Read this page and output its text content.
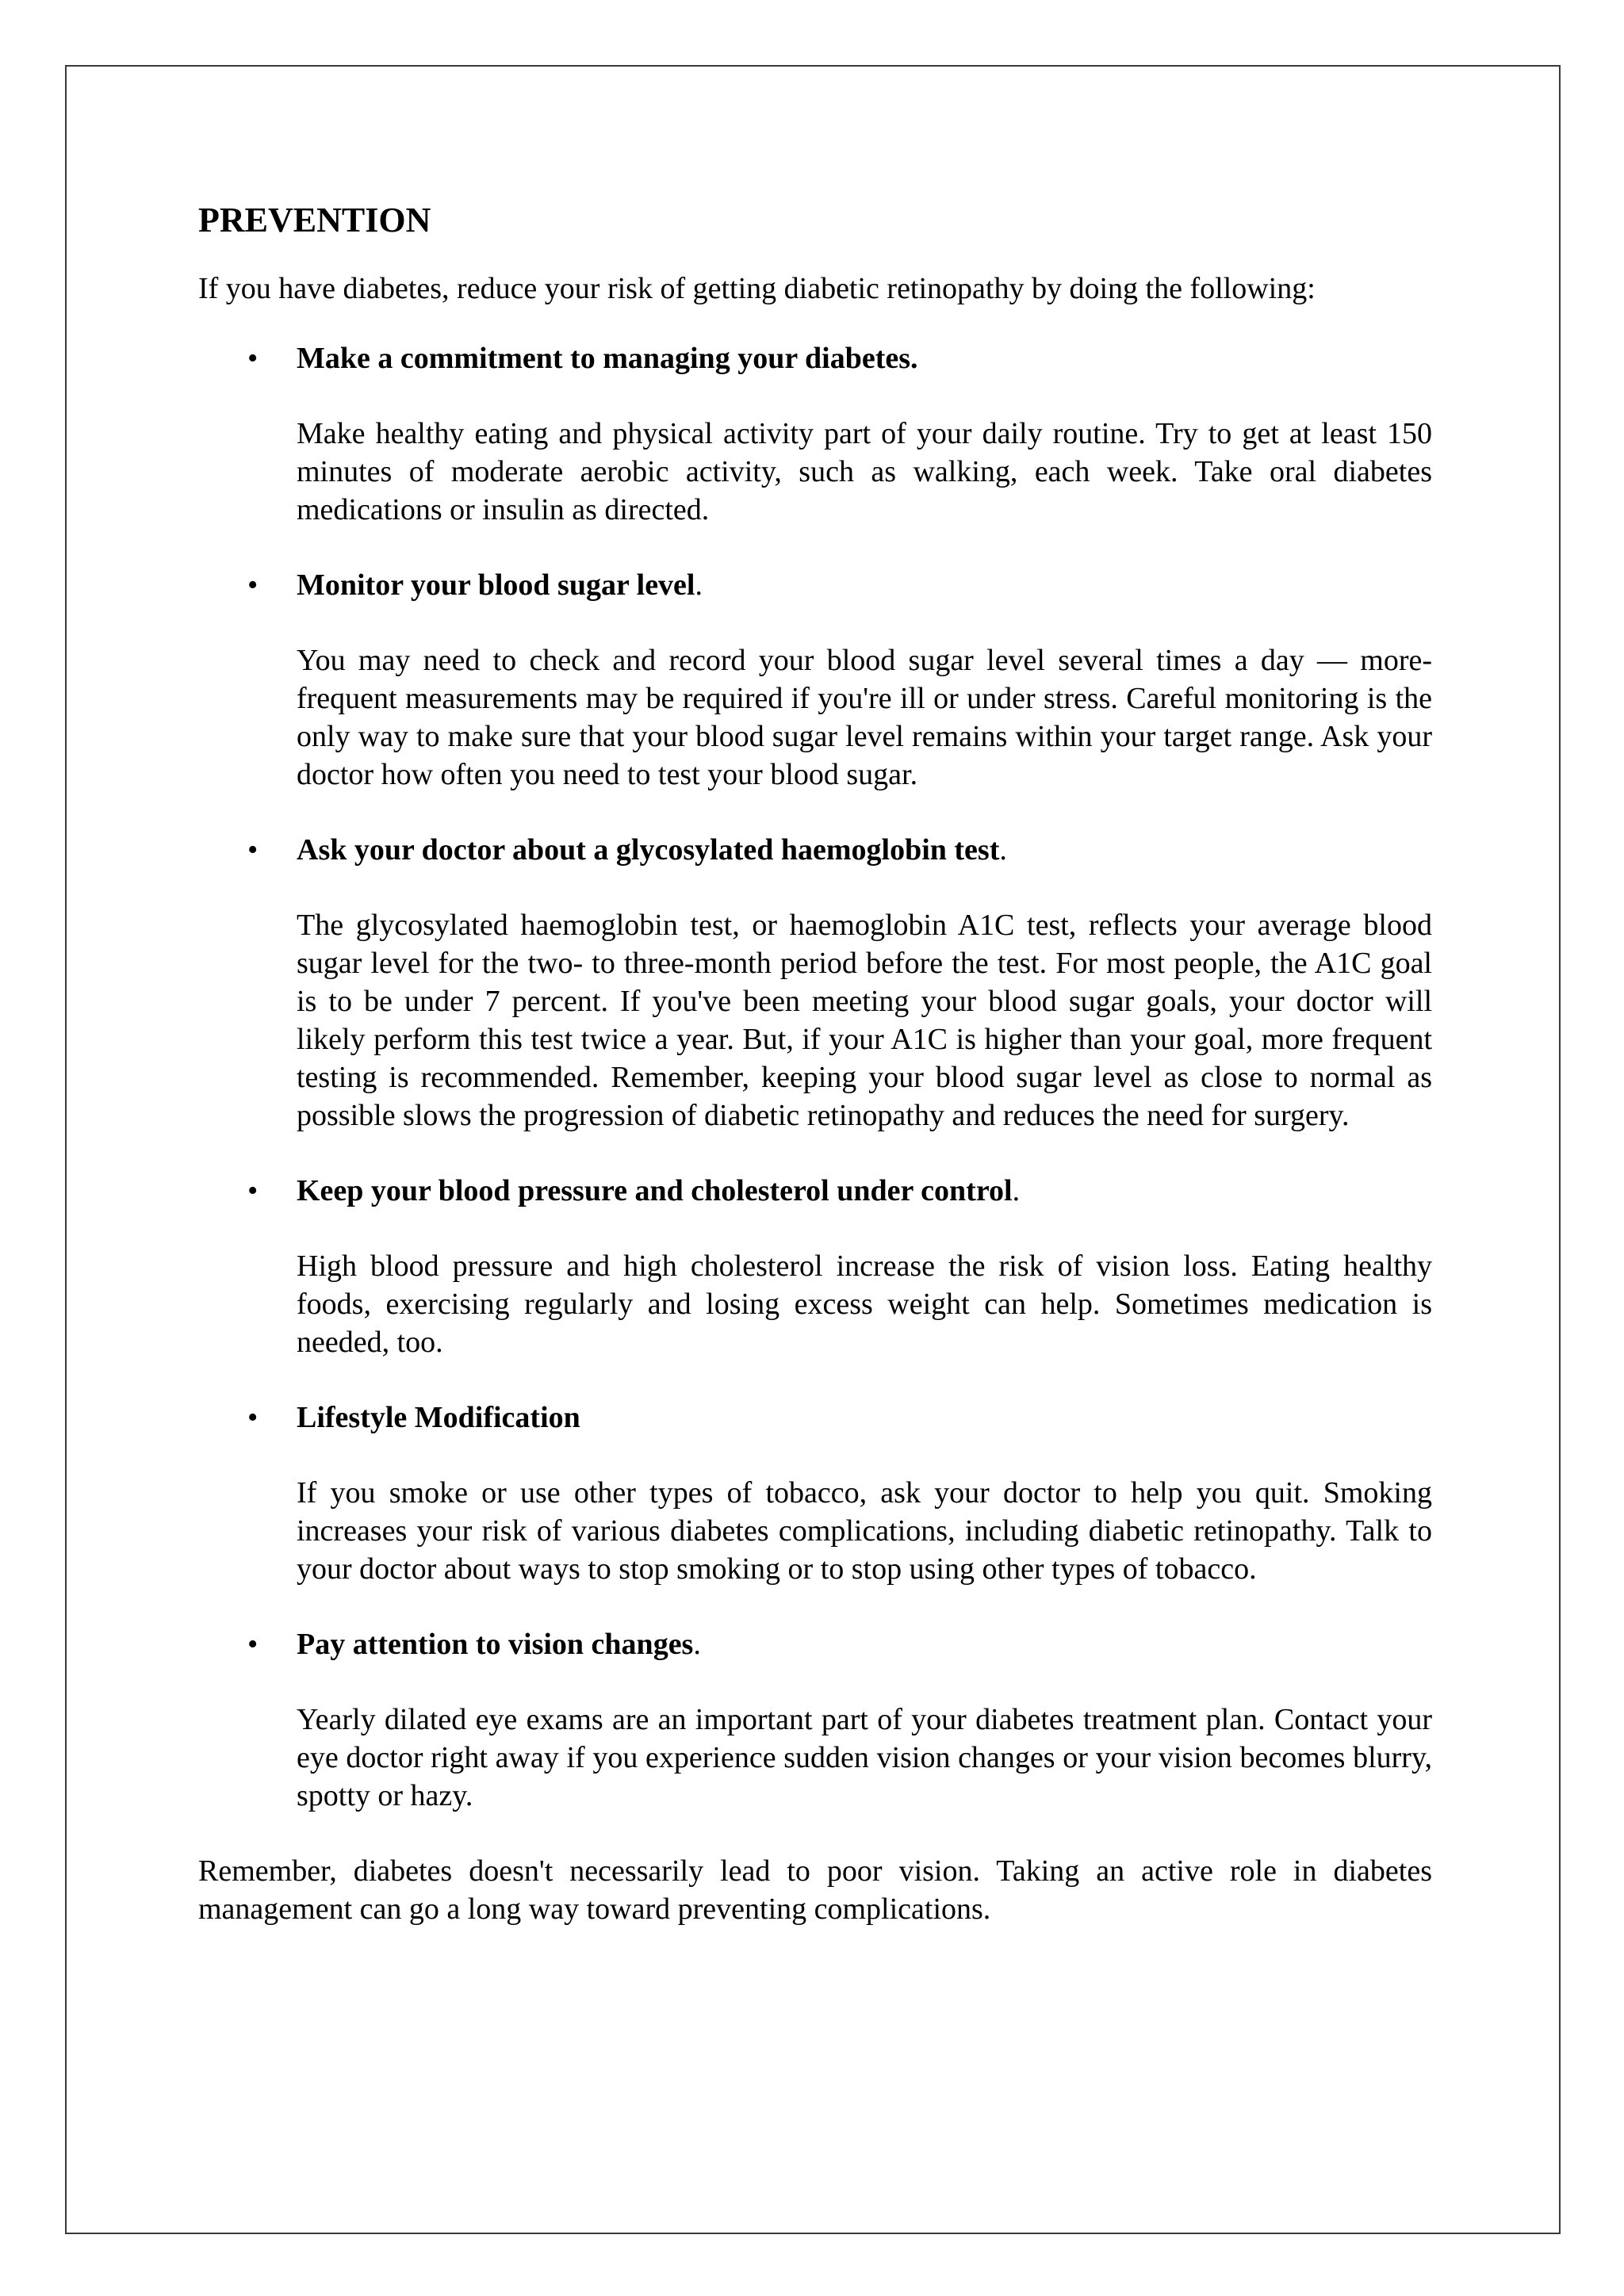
PREVENTION

If you have diabetes, reduce your risk of getting diabetic retinopathy by doing the following:

• Make a commitment to managing your diabetes.

Make healthy eating and physical activity part of your daily routine. Try to get at least 150 minutes of moderate aerobic activity, such as walking, each week. Take oral diabetes medications or insulin as directed.

• Monitor your blood sugar level.

You may need to check and record your blood sugar level several times a day — more-frequent measurements may be required if you're ill or under stress. Careful monitoring is the only way to make sure that your blood sugar level remains within your target range. Ask your doctor how often you need to test your blood sugar.

• Ask your doctor about a glycosylated haemoglobin test.

The glycosylated haemoglobin test, or haemoglobin A1C test, reflects your average blood sugar level for the two- to three-month period before the test. For most people, the A1C goal is to be under 7 percent. If you've been meeting your blood sugar goals, your doctor will likely perform this test twice a year. But, if your A1C is higher than your goal, more frequent testing is recommended. Remember, keeping your blood sugar level as close to normal as possible slows the progression of diabetic retinopathy and reduces the need for surgery.

• Keep your blood pressure and cholesterol under control.

High blood pressure and high cholesterol increase the risk of vision loss. Eating healthy foods, exercising regularly and losing excess weight can help. Sometimes medication is needed, too.

• Lifestyle Modification

If you smoke or use other types of tobacco, ask your doctor to help you quit. Smoking increases your risk of various diabetes complications, including diabetic retinopathy. Talk to your doctor about ways to stop smoking or to stop using other types of tobacco.

• Pay attention to vision changes.

Yearly dilated eye exams are an important part of your diabetes treatment plan. Contact your eye doctor right away if you experience sudden vision changes or your vision becomes blurry, spotty or hazy.

Remember, diabetes doesn't necessarily lead to poor vision. Taking an active role in diabetes management can go a long way toward preventing complications.
